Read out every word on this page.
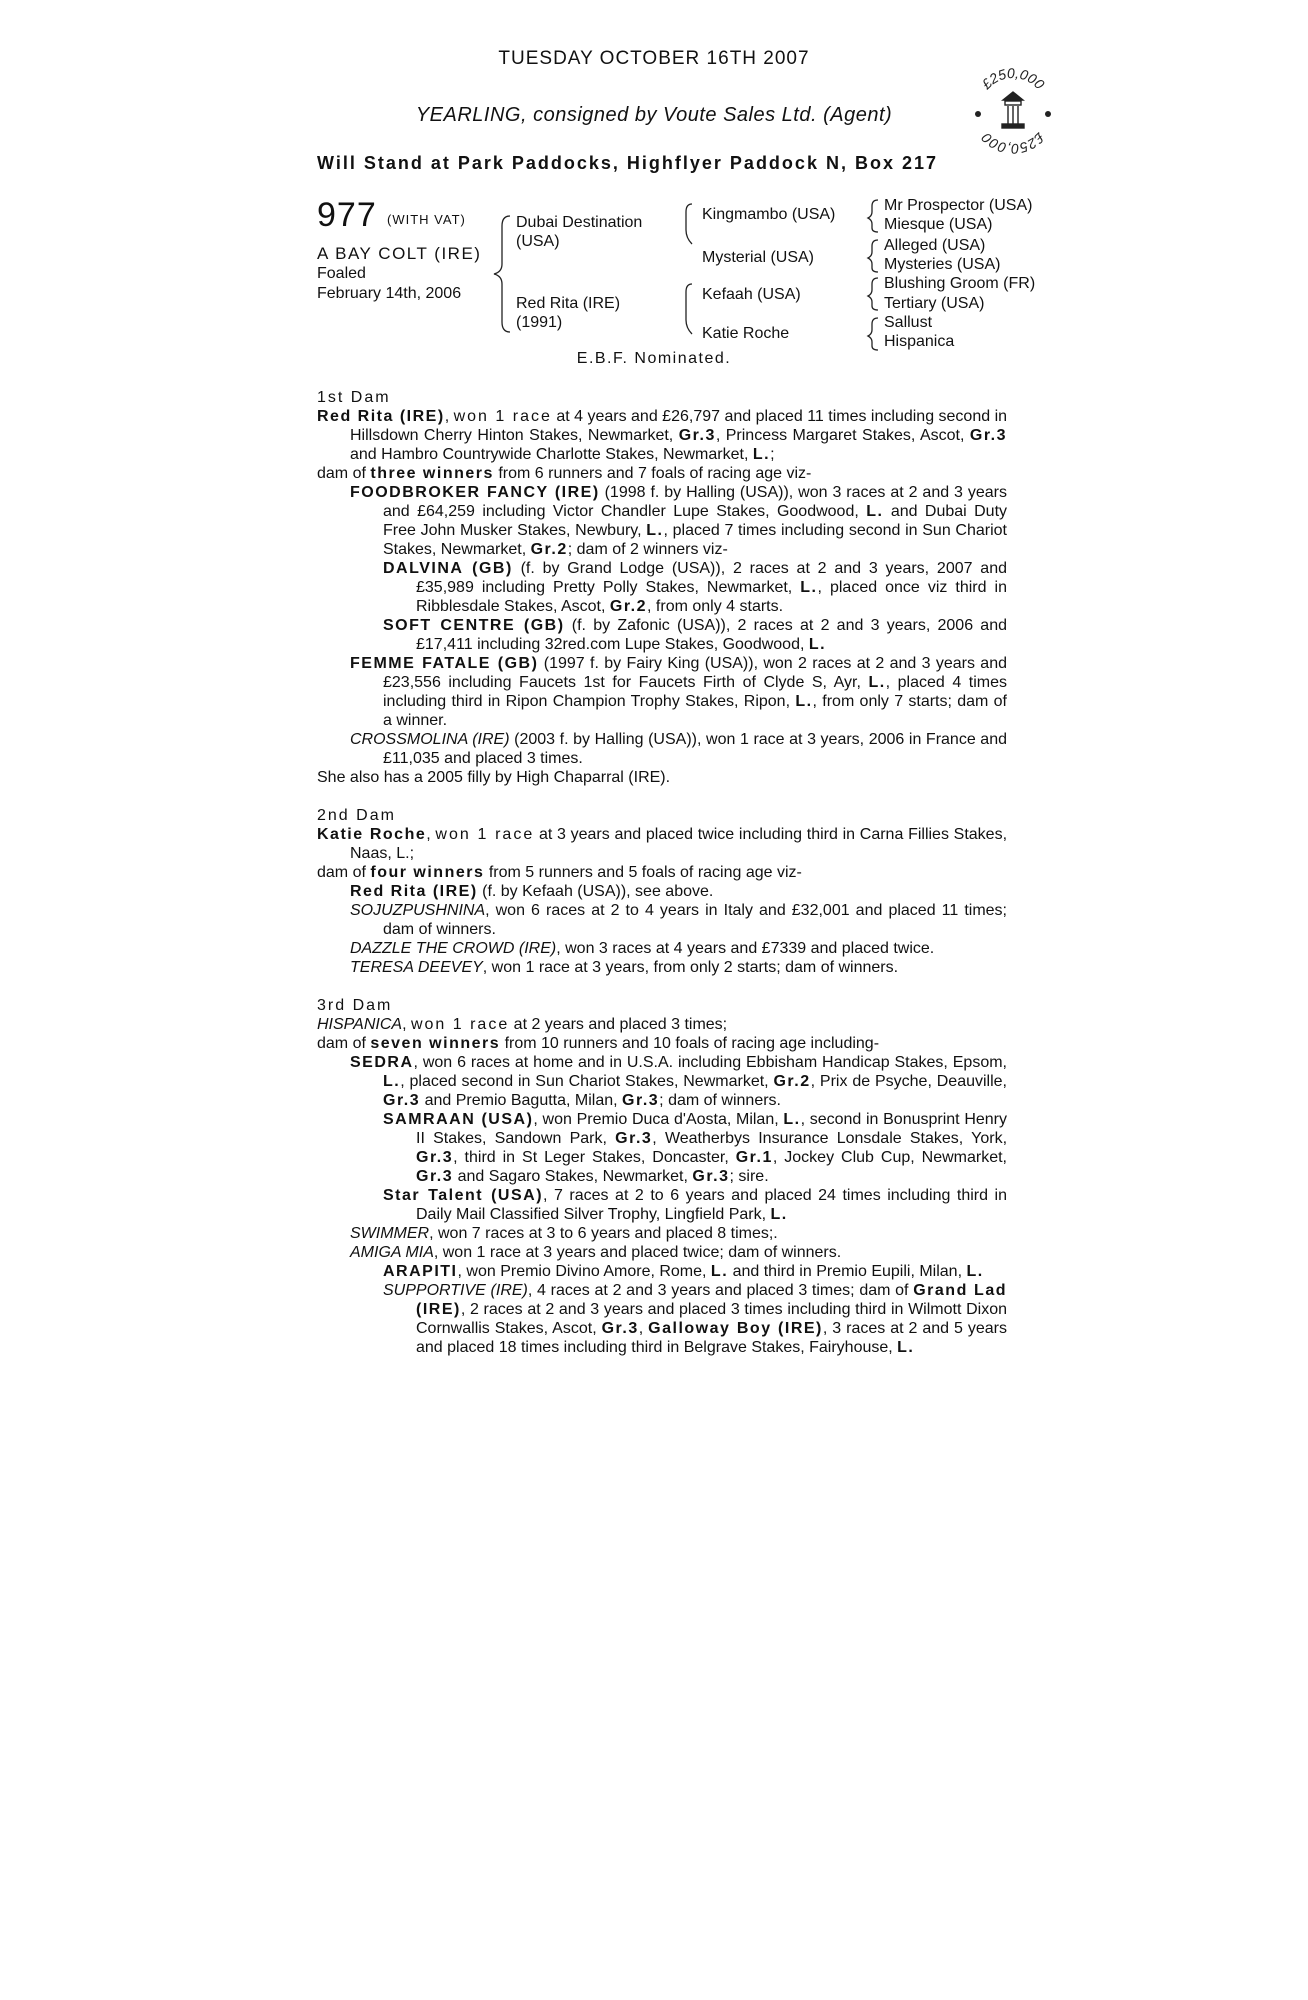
TUESDAY OCTOBER 16TH 2007
YEARLING, consigned by Voute Sales Ltd. (Agent)
Will Stand at Park Paddocks, Highflyer Paddock N, Box 217
£250,000
£250,000
977 (WITH VAT)
A BAY COLT (IRE)
Foaled
February 14th, 2006
Dubai Destination
(USA)
Red Rita (IRE)
(1991)
Kingmambo (USA)
Mysterial (USA)
Kefaah (USA)
Katie Roche
Mr Prospector (USA)
Miesque (USA)
Alleged (USA)
Mysteries (USA)
Blushing Groom (FR)
Tertiary (USA)
Sallust
Hispanica
E.B.F. Nominated.

1st Dam

Red Rita (IRE), won 1 race at 4 years and £26,797 and placed 11 times including second in Hillsdown Cherry Hinton Stakes, Newmarket, Gr.3, Princess Margaret Stakes, Ascot, Gr.3 and Hambro Countrywide Charlotte Stakes, Newmarket, L.;

dam of three winners from 6 runners and 7 foals of racing age viz-

FOODBROKER FANCY (IRE) (1998 f. by Halling (USA)), won 3 races at 2 and 3 years and £64,259 including Victor Chandler Lupe Stakes, Goodwood, L. and Dubai Duty Free John Musker Stakes, Newbury, L., placed 7 times including second in Sun Chariot Stakes, Newmarket, Gr.2; dam of 2 winners viz-

DALVINA (GB) (f. by Grand Lodge (USA)), 2 races at 2 and 3 years, 2007 and £35,989 including Pretty Polly Stakes, Newmarket, L., placed once viz third in Ribblesdale Stakes, Ascot, Gr.2, from only 4 starts.

SOFT CENTRE (GB) (f. by Zafonic (USA)), 2 races at 2 and 3 years, 2006 and £17,411 including 32red.com Lupe Stakes, Goodwood, L.

FEMME FATALE (GB) (1997 f. by Fairy King (USA)), won 2 races at 2 and 3 years and £23,556 including Faucets 1st for Faucets Firth of Clyde S, Ayr, L., placed 4 times including third in Ripon Champion Trophy Stakes, Ripon, L., from only 7 starts; dam of a winner.

CROSSMOLINA (IRE) (2003 f. by Halling (USA)), won 1 race at 3 years, 2006 in France and £11,035 and placed 3 times.

She also has a 2005 filly by High Chaparral (IRE).

2nd Dam

Katie Roche, won 1 race at 3 years and placed twice including third in Carna Fillies Stakes, Naas, L.;

dam of four winners from 5 runners and 5 foals of racing age viz-

Red Rita (IRE) (f. by Kefaah (USA)), see above.

SOJUZPUSHNINA, won 6 races at 2 to 4 years in Italy and £32,001 and placed 11 times; dam of winners.

DAZZLE THE CROWD (IRE), won 3 races at 4 years and £7339 and placed twice.

TERESA DEEVEY, won 1 race at 3 years, from only 2 starts; dam of winners.

3rd Dam

HISPANICA, won 1 race at 2 years and placed 3 times;

dam of seven winners from 10 runners and 10 foals of racing age including-

SEDRA, won 6 races at home and in U.S.A. including Ebbisham Handicap Stakes, Epsom, L., placed second in Sun Chariot Stakes, Newmarket, Gr.2, Prix de Psyche, Deauville, Gr.3 and Premio Bagutta, Milan, Gr.3; dam of winners.

SAMRAAN (USA), won Premio Duca d'Aosta, Milan, L., second in Bonusprint Henry II Stakes, Sandown Park, Gr.3, Weatherbys Insurance Lonsdale Stakes, York, Gr.3, third in St Leger Stakes, Doncaster, Gr.1, Jockey Club Cup, Newmarket, Gr.3 and Sagaro Stakes, Newmarket, Gr.3; sire.

Star Talent (USA), 7 races at 2 to 6 years and placed 24 times including third in Daily Mail Classified Silver Trophy, Lingfield Park, L.

SWIMMER, won 7 races at 3 to 6 years and placed 8 times;.

AMIGA MIA, won 1 race at 3 years and placed twice; dam of winners.

ARAPITI, won Premio Divino Amore, Rome, L. and third in Premio Eupili, Milan, L.

SUPPORTIVE (IRE), 4 races at 2 and 3 years and placed 3 times; dam of Grand Lad (IRE), 2 races at 2 and 3 years and placed 3 times including third in Wilmott Dixon Cornwallis Stakes, Ascot, Gr.3, Galloway Boy (IRE), 3 races at 2 and 5 years and placed 18 times including third in Belgrave Stakes, Fairyhouse, L.
